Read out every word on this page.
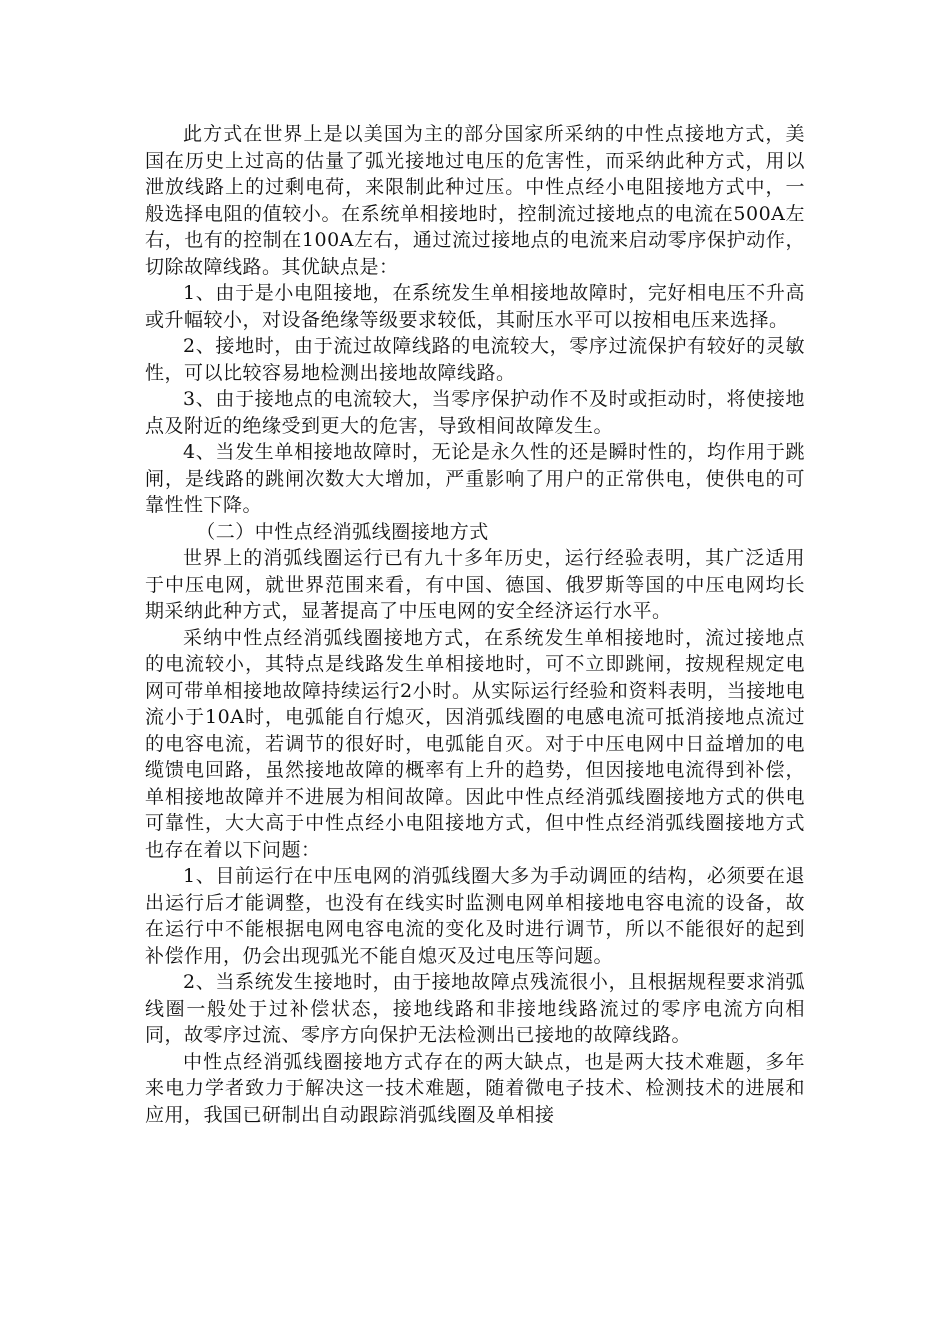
此方式在世界上是以美国为主的部分国家所采纳的中性点接地方式，美国在历史上过高的估量了弧光接地过电压的危害性，而采纳此种方式，用以泄放线路上的过剩电荷，来限制此种过压。中性点经小电阻接地方式中，一般选择电阻的值较小。在系统单相接地时，控制流过接地点的电流在500A左右，也有的控制在100A左右，通过流过接地点的电流来启动零序保护动作，切除故障线路。其优缺点是：

1、由于是小电阻接地，在系统发生单相接地故障时，完好相电压不升高或升幅较小，对设备绝缘等级要求较低，其耐压水平可以按相电压来选择。

2、接地时，由于流过故障线路的电流较大，零序过流保护有较好的灵敏性，可以比较容易地检测出接地故障线路。

3、由于接地点的电流较大，当零序保护动作不及时或拒动时，将使接地点及附近的绝缘受到更大的危害，导致相间故障发生。

4、当发生单相接地故障时，无论是永久性的还是瞬时性的，均作用于跳闸，是线路的跳闸次数大大增加，严重影响了用户的正常供电，使供电的可靠性性下降。

（二）中性点经消弧线圈接地方式

世界上的消弧线圈运行已有九十多年历史，运行经验表明，其广泛适用于中压电网，就世界范围来看，有中国、德国、俄罗斯等国的中压电网均长期采纳此种方式，显著提高了中压电网的安全经济运行水平。

采纳中性点经消弧线圈接地方式，在系统发生单相接地时，流过接地点的电流较小，其特点是线路发生单相接地时，可不立即跳闸，按规程规定电网可带单相接地故障持续运行2小时。从实际运行经验和资料表明，当接地电流小于10A时，电弧能自行熄灭，因消弧线圈的电感电流可抵消接地点流过的电容电流，若调节的很好时，电弧能自灭。对于中压电网中日益增加的电缆馈电回路，虽然接地故障的概率有上升的趋势，但因接地电流得到补偿，单相接地故障并不进展为相间故障。因此中性点经消弧线圈接地方式的供电可靠性，大大高于中性点经小电阻接地方式，但中性点经消弧线圈接地方式也存在着以下问题：

1、目前运行在中压电网的消弧线圈大多为手动调匝的结构，必须要在退出运行后才能调整，也没有在线实时监测电网单相接地电容电流的设备，故在运行中不能根据电网电容电流的变化及时进行调节，所以不能很好的起到补偿作用，仍会出现弧光不能自熄灭及过电压等问题。

2、当系统发生接地时，由于接地故障点残流很小，且根据规程要求消弧线圈一般处于过补偿状态，接地线路和非接地线路流过的零序电流方向相同，故零序过流、零序方向保护无法检测出已接地的故障线路。

中性点经消弧线圈接地方式存在的两大缺点，也是两大技术难题，多年来电力学者致力于解决这一技术难题，随着微电子技术、检测技术的进展和应用，我国已研制出自动跟踪消弧线圈及单相接
